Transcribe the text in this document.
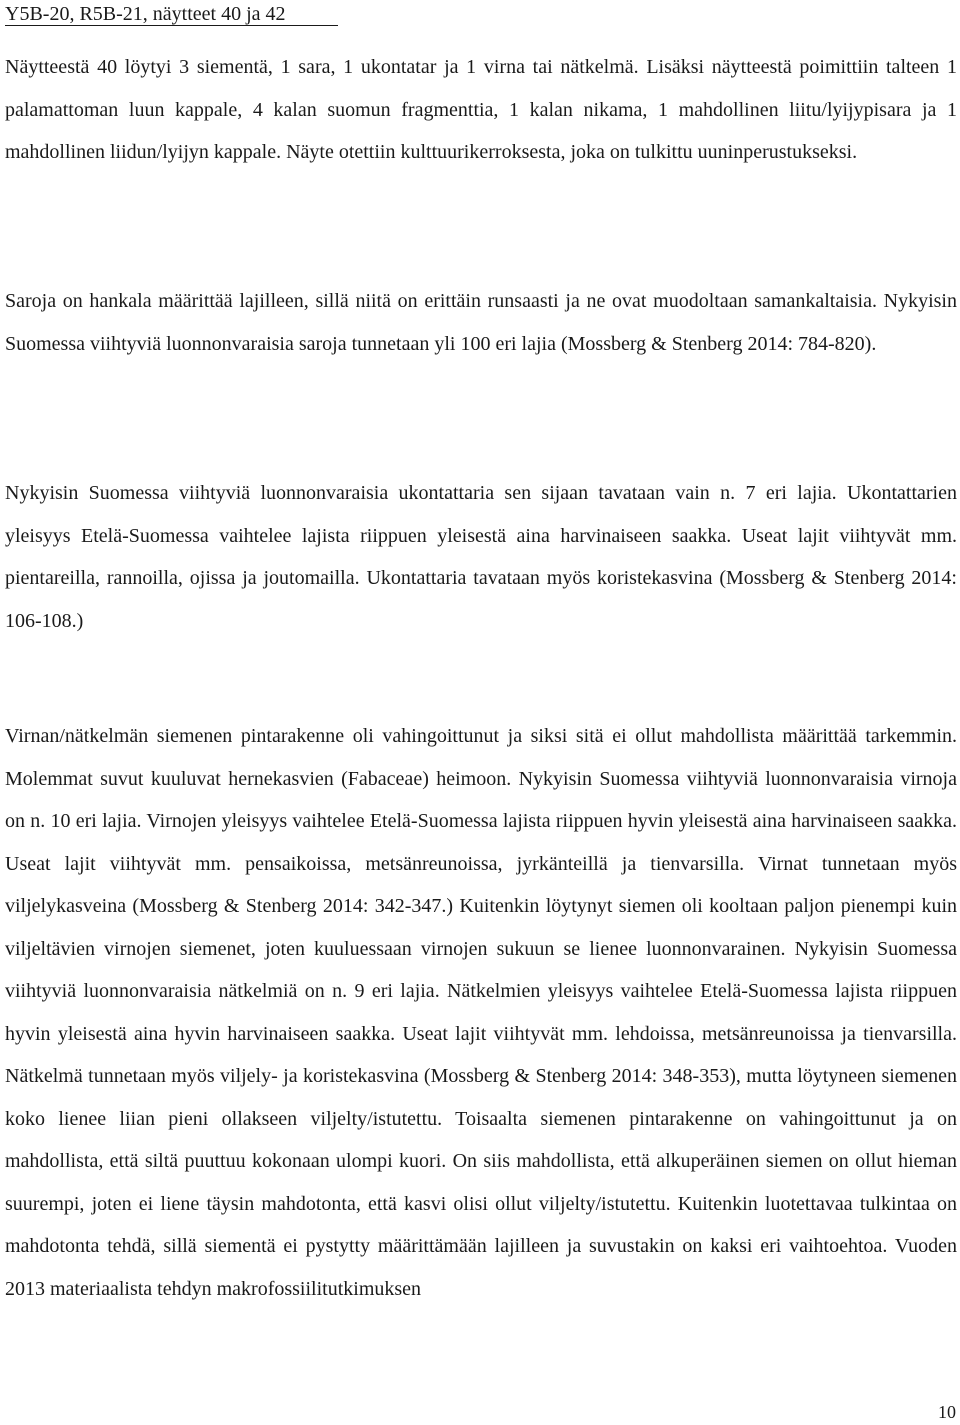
Y5B-20, R5B-21, näytteet 40 ja 42

Näytteestä 40 löytyi 3 siementä, 1 sara, 1 ukontatar ja 1 virna tai nätkelmä. Lisäksi näytteestä poimittiin talteen 1 palamattoman luun kappale, 4 kalan suomun fragmenttia, 1 kalan nikama, 1 mahdollinen liitu/lyijypisara ja 1 mahdollinen liidun/lyijyn kappale. Näyte otettiin kulttuurikerroksesta, joka on tulkittu uuninperustukseksi.

Saroja on hankala määrittää lajilleen, sillä niitä on erittäin runsaasti ja ne ovat muodoltaan samankaltaisia. Nykyisin Suomessa viihtyviä luonnonvaraisia saroja tunnetaan yli 100 eri lajia (Mossberg & Stenberg 2014: 784-820).

Nykyisin Suomessa viihtyviä luonnonvaraisia ukontattaria sen sijaan tavataan vain n. 7 eri lajia. Ukontattarien yleisyys Etelä-Suomessa vaihtelee lajista riippuen yleisestä aina harvinaiseen saakka. Useat lajit viihtyvät mm. pientareilla, rannoilla, ojissa ja joutomailla. Ukontattaria tavataan myös koristekasvina (Mossberg & Stenberg 2014: 106-108.)

Virnan/nätkelmän siemenen pintarakenne oli vahingoittunut ja siksi sitä ei ollut mahdollista määrittää tarkemmin. Molemmat suvut kuuluvat hernekasvien (Fabaceae) heimoon. Nykyisin Suomessa viihtyviä luonnonvaraisia virnoja on n. 10 eri lajia. Virnojen yleisyys vaihtelee Etelä-Suomessa lajista riippuen hyvin yleisestä aina harvinaiseen saakka. Useat lajit viihtyvät mm. pensaikoissa, metsänreunoissa, jyrkänteillä ja tienvarsilla. Virnat tunnetaan myös viljelykasveina (Mossberg & Stenberg 2014: 342-347.) Kuitenkin löytynyt siemen oli kooltaan paljon pienempi kuin viljeltävien virnojen siemenet, joten kuuluessaan virnojen sukuun se lienee luonnonvarainen. Nykyisin Suomessa viihtyviä luonnonvaraisia nätkelmiä on n. 9 eri lajia. Nätkelmien yleisyys vaihtelee Etelä-Suomessa lajista riippuen hyvin yleisestä aina hyvin harvinaiseen saakka. Useat lajit viihtyvät mm. lehdoissa, metsänreunoissa ja tienvarsilla. Nätkelmä tunnetaan myös viljely- ja koristekasvina (Mossberg & Stenberg 2014: 348-353), mutta löytyneen siemenen koko lienee liian pieni ollakseen viljelty/istutettu. Toisaalta siemenen pintarakenne on vahingoittunut ja on mahdollista, että siltä puuttuu kokonaan ulompi kuori. On siis mahdollista, että alkuperäinen siemen on ollut hieman suurempi, joten ei liene täysin mahdotonta, että kasvi olisi ollut viljelty/istutettu. Kuitenkin luotettavaa tulkintaa on mahdotonta tehdä, sillä siementä ei pystytty määrittämään lajilleen ja suvustakin on kaksi eri vaihtoehtoa. Vuoden 2013 materiaalista tehdyn makrofossiilitutkimuksen

10
